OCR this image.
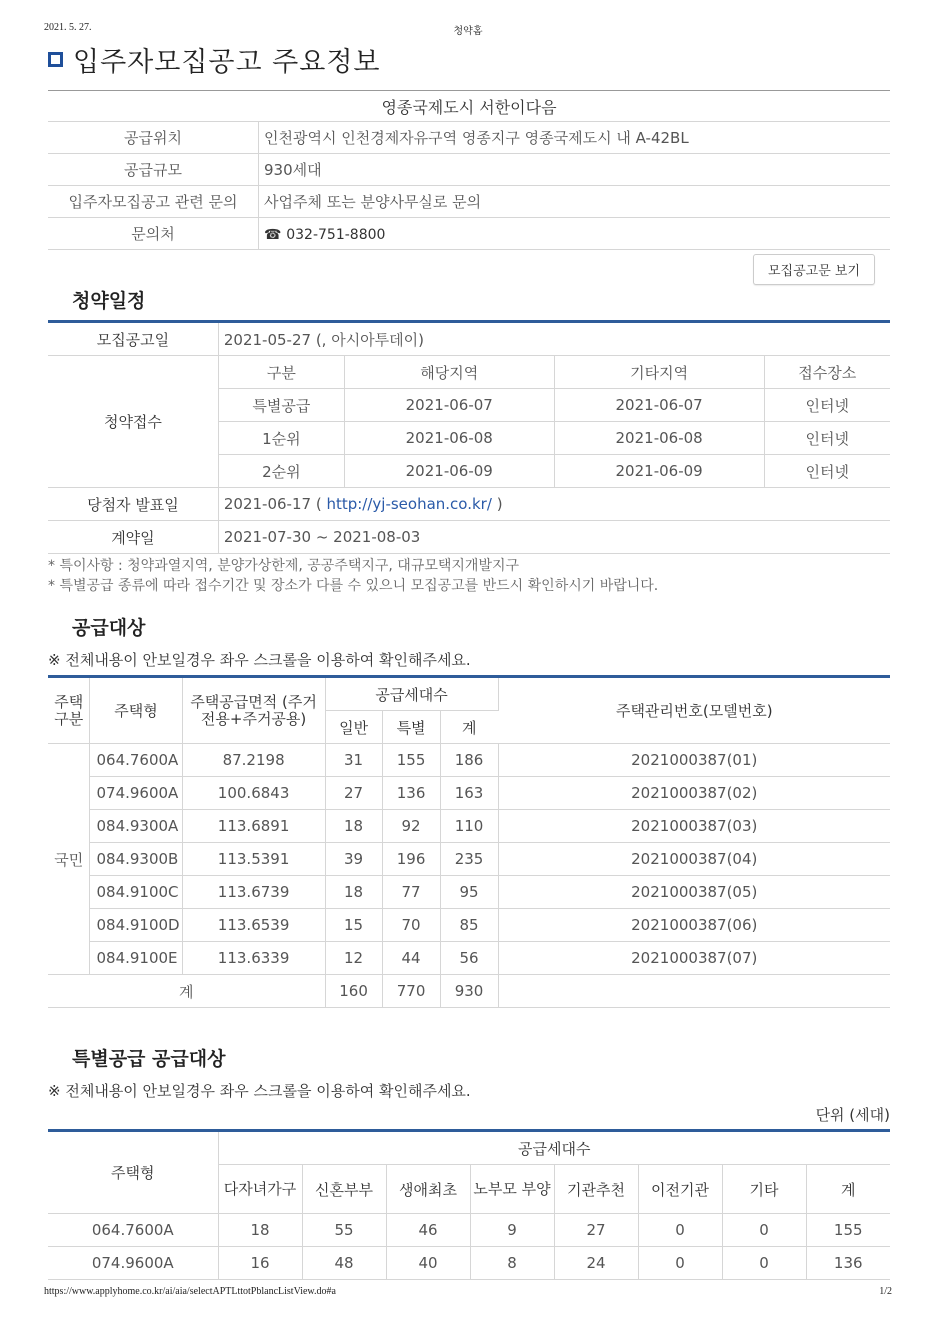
2021. 5. 27.	청약홈
입주자모집공고 주요정보
영종국제도시 서한이다음	
공급위치	인천광역시 인천경제자유구역 영종지구 영종국제도시 내 A-42BL
공급규모	930세대
입주자모집공고 관련 문의	사업주체 또는 분양사무실로 문의
문의처	☎ 032-751-8800
모집공고문 보기
청약일정
모집공고일	2021-05-27 (, 아시아투데이)			
청약접수	구분	해당지역	기타지역	접수장소
	특별공급	2021-06-07	2021-06-07	인터넷
	1순위	2021-06-08	2021-06-08	인터넷
	2순위	2021-06-09	2021-06-09	인터넷
당첨자 발표일	2021-06-17 ( http://yj-seohan.co.kr/ )			
계약일	2021-07-30 ~ 2021-08-03			
* 특이사항 : 청약과열지역, 분양가상한제, 공공주택지구, 대규모택지개발지구
* 특별공급 종류에 따라 접수기간 및 장소가 다를 수 있으니 모집공고를 반드시 확인하시기 바랍니다.
공급대상
※ 전체내용이 안보일경우 좌우 스크롤을 이용하여 확인해주세요.
주택구분	주택형	주택공급면적 (주거전용+주거공용)	공급세대수			주택관리번호(모델번호)
			일반	특별	계	
국민	064.7600A	87.2198	31	155	186	2021000387(01)
	074.9600A	100.6843	27	136	163	2021000387(02)
	084.9300A	113.6891	18	92	110	2021000387(03)
	084.9300B	113.5391	39	196	235	2021000387(04)
	084.9100C	113.6739	18	77	95	2021000387(05)
	084.9100D	113.6539	15	70	85	2021000387(06)
	084.9100E	113.6339	12	44	56	2021000387(07)
계			160	770	930	
특별공급 공급대상
※ 전체내용이 안보일경우 좌우 스크롤을 이용하여 확인해주세요.
단위 (세대)
주택형	공급세대수							
	다자녀가구	신혼부부	생애최초	노부모 부양	기관추천	이전기관	기타	계
064.7600A	18	55	46	9	27	0	0	155
074.9600A	16	48	40	8	24	0	0	136
https://www.applyhome.co.kr/ai/aia/selectAPTLttotPblancListView.do#a	1/2
